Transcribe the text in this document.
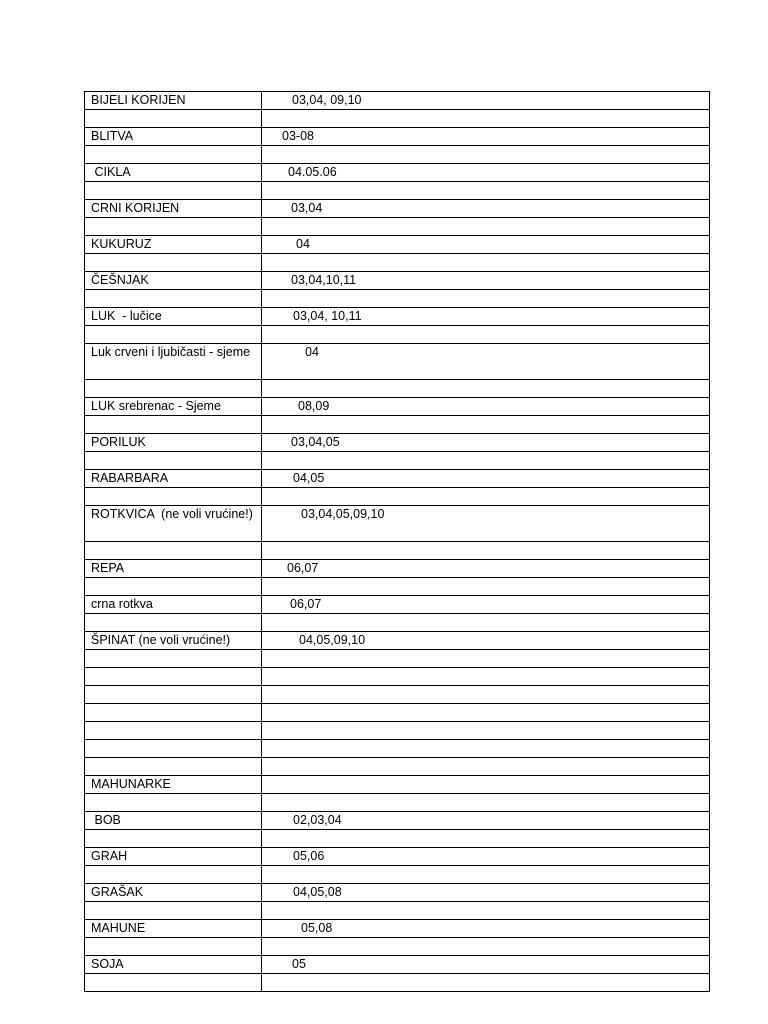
BIJELI KORIJEN	03,04, 09,10

BLITVA	03-08

CIKLA	04.05.06

CRNI KORIJEN	03,04

KUKURUZ	04

ČEŠNJAK	03,04,10,11

LUK  - lučice	03,04, 10,11

Luk crveni i ljubičasti - sjeme	04

LUK srebrenac - Sjeme	08,09

PORILUK	03,04,05

RABARBARA	04,05

ROTKVICA  (ne voli vrućine!)	03,04,05,09,10

REPA	06,07

crna rotkva	06,07

ŠPINAT (ne voli vrućine!)	04,05,09,10

MAHUNARKE	

BOB	02,03,04

GRAH	05,06

GRAŠAK	04,05,08

MAHUNE	05,08

SOJA	05
